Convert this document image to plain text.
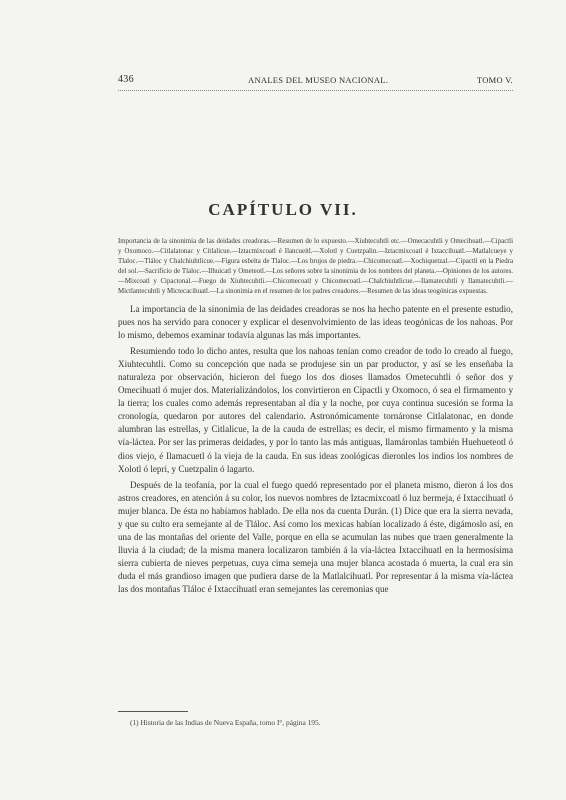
436	ANALES DEL MUSEO NACIONAL.	TOMO V.
CAPÍTULO VII.

Importancia de la sinonimia de las deidades creadoras.—Resumen de lo expuesto.—Xiuhtecuhtli etc.—Omecacuhtli y Omecihuatl.—Cipactli y Oxomoco.—Citlalatonac y Citlalicue.—Iztacmixcoatl é Ilancueitl.—Xolotl y Cuetzpalin.—Iztacmixcoatl é Ixtaccihuatl.—Matlalcueye y Tlaloc.—Tláloc y Chalchiuhtlicue.—Figura esbelta de Tlaloc.—Los brujos de piedra.—Chicomecoatl.—Xochiquetzal.—Cipactli en la Piedra del sol.—Sacrificio de Tlaloc.—Ilhuicatl y Ometeotl.—Los señores sobre la sinonimia de los nombres del planeta.—Opiniones de los autores.—Mixcoatl y Cipactonal.—Fuego de Xiuhtecuhtli.—Chicomecoatl y Chicomecoatl.—Chalchiuhtlicue.—Ilamatecuhtli y Ilamatecuhtli.—Mictlantecuhtli y Mictecacihuatl.—La sinonimia en el resumen de los padres creadores.—Resumen de las ideas teogónicas expuestas.

La importancia de la sinonimia de las deidades creadoras se nos ha hecho patente en el presente estudio, pues nos ha servido para conocer y explicar el desenvolvimiento de las ideas teogónicas de los nahoas. Por lo mismo, debemos examinar todavía algunas las más importantes.

Resumiendo todo lo dicho antes, resulta que los nahoas tenían como creador de todo lo creado al fuego, Xiuhtecuhtli. Como su concepción que nada se produjese sin un par productor, y así se les enseñaba la naturaleza por observación, hicieron del fuego los dos dioses llamados Ometecuhtli ó señor dos y Omecihuatl ó mujer dos. Materializándolos, los convirtieron en Cipactli y Oxomoco, ó sea el firmamento y la tierra; los cuales como además representaban al día y la noche, por cuya continua sucesión se forma la cronología, quedaron por autores del calendario. Astronómicamente tornáronse Citlalatonac, en donde alumbran las estrellas, y Citlalicue, la de la cauda de estrellas; es decir, el mismo firmamento y la misma vía-láctea. Por ser las primeras deidades, y por lo tanto las más antiguas, llamáronlas también Huehueteotl ó dios viejo, é Ilamacuetl ó la vieja de la cauda. En sus ideas zoológicas dieronles los indios los nombres de Xolotl ó lepri, y Cuetzpalin ó lagarto.

Después de la teofanía, por la cual el fuego quedó representado por el planeta mismo, dieron á los dos astros creadores, en atención á su color, los nuevos nombres de Iztacmixcoatl ó luz bermeja, é Ixtaccihuatl ó mujer blanca. De ésta no habíamos hablado. De ella nos da cuenta Durán. (1) Dice que era la sierra nevada, y que su culto era semejante al de Tláloc. Así como los mexicas habían localizado á éste, digámoslo así, en una de las montañas del oriente del Valle, porque en ella se acumulan las nubes que traen generalmente la lluvia á la ciudad; de la misma manera localizaron también á la vía-láctea Ixtaccihuatl en la hermosísima sierra cubierta de nieves perpetuas, cuya cima semeja una mujer blanca acostada ó muerta, la cual era sin duda el más grandioso imagen que pudiera darse de la Matlalcihuatl. Por representar á la misma vía-láctea las dos montañas Tláloc é Ixtaccihuatl eran semejantes las ceremonias que

(1) Historia de las Indias de Nueva España, tomo I°, página 195.
